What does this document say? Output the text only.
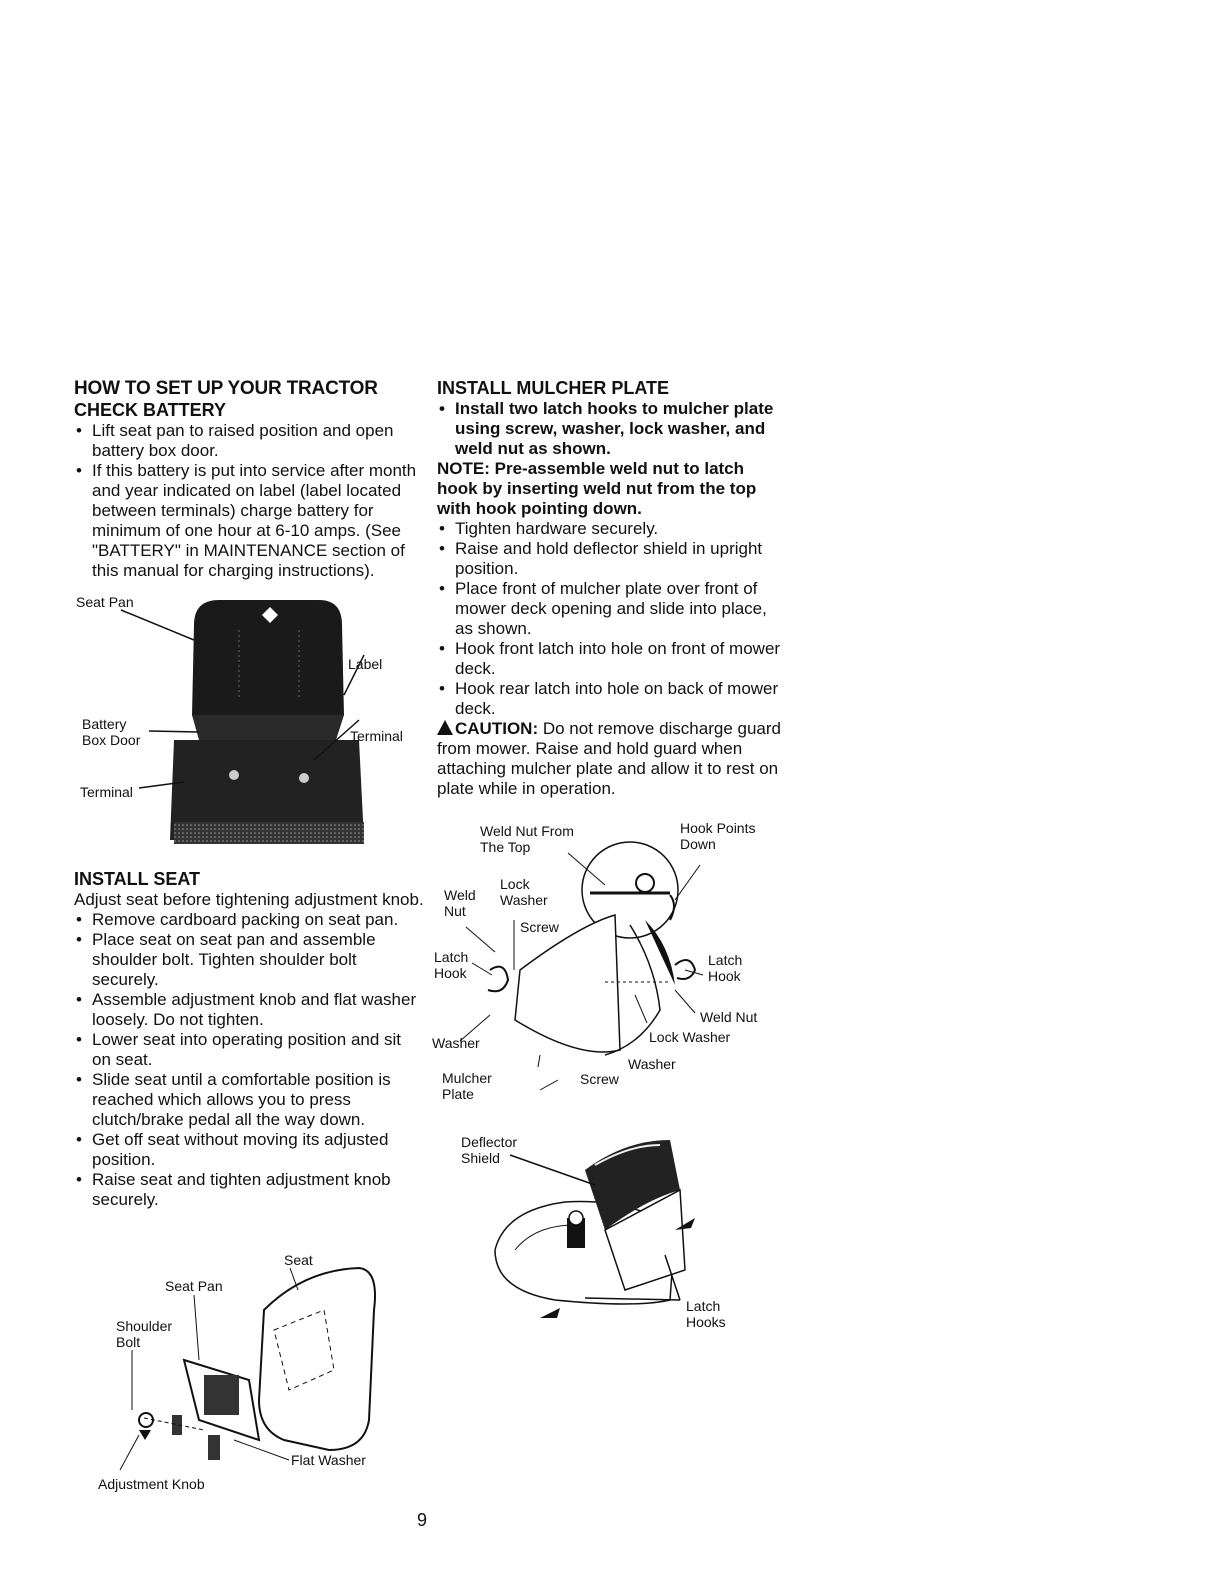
HOW TO SET UP YOUR TRACTOR

CHECK BATTERY

• Lift seat pan to raised position and open battery box door.
• If this battery is put into service after month and year indicated on label (label located between terminals) charge battery for minimum of one hour at 6-10 amps. (See "BATTERY" in MAINTENANCE section of this manual for charging instructions).
Seat Pan
Label
Battery
Box Door	Terminal
Terminal

INSTALL SEAT

Adjust seat before tightening adjustment knob.

• Remove cardboard packing on seat pan.
• Place seat on seat pan and assemble shoulder bolt. Tighten shoulder bolt securely.
• Assemble adjustment knob and flat washer loosely. Do not tighten.
• Lower seat into operating position and sit on seat.
• Slide seat until a comfortable position is reached which allows you to press clutch/brake pedal all the way down.
• Get off seat without moving its adjusted position.
• Raise seat and tighten adjustment knob securely.
Seat
Seat Pan
Shoulder
Bolt
Flat Washer
Adjustment Knob

INSTALL MULCHER PLATE

• Install two latch hooks to mulcher plate using screw, washer, lock washer, and weld nut as shown.

NOTE: Pre-assemble weld nut to latch hook by inserting weld nut from the top with hook pointing down.

• Tighten hardware securely.
• Raise and hold deflector shield in upright position.
• Place front of mulcher plate over front of mower deck opening and slide into place, as shown.
• Hook front latch into hole on front of mower deck.
• Hook rear latch into hole on back of mower deck.

CAUTION: Do not remove discharge guard from mower. Raise and hold guard when attaching mulcher plate and allow it to rest on plate while in operation.

Weld Nut From
The Top
Hook Points
Down
Lock
Washer
Weld
Nut
Screw
Latch
Hook
Latch
Hook
Weld Nut
Lock Washer
Washer
Washer
Mulcher
Plate
Screw
Deflector
Shield
Latch
Hooks
9
